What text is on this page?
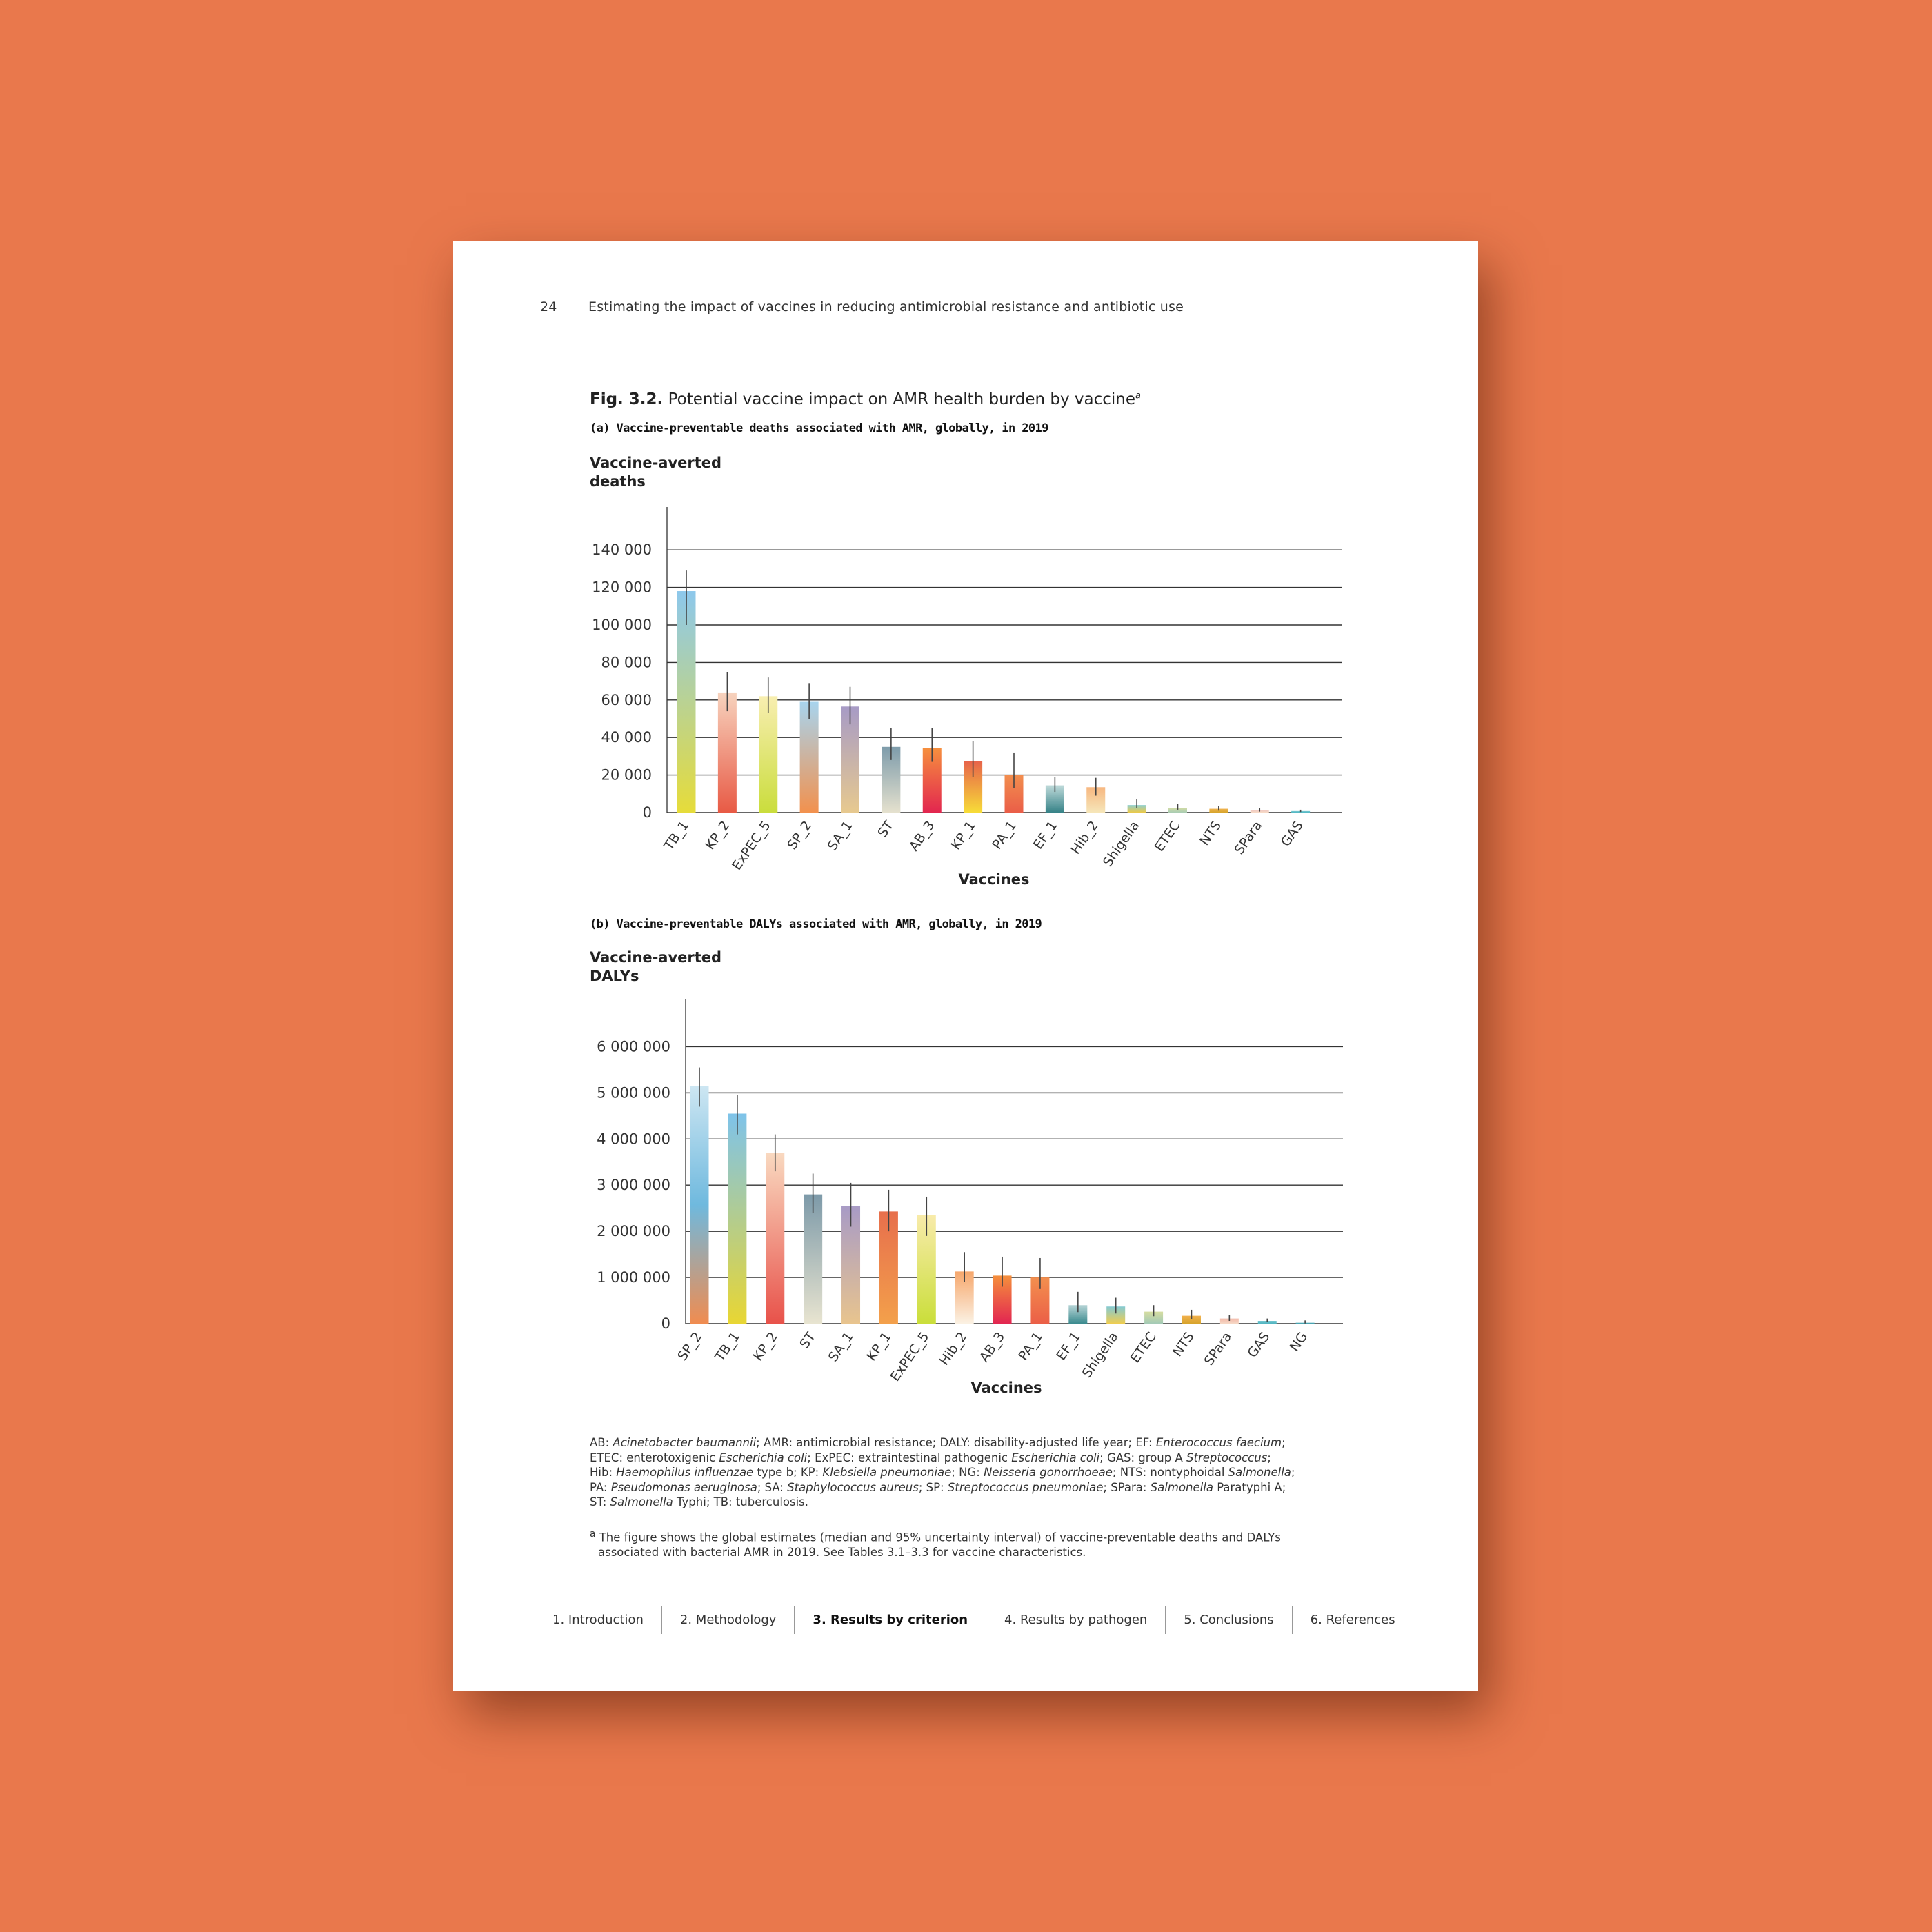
24 Estimating the impact of vaccines in reducing antimicrobial resistance and antibiotic use
Fig. 3.2. Potential vaccine impact on AMR health burden by vaccine$^a$
(a) Vaccine-preventable deaths associated with AMR, globally, in 2019
Vaccine-averted deaths
0
20 000
40 000
60 000
80 000
100 000
120 000
140 000
TB_1 KP_2
ExPEC_5 SP_2 SA_1 ST AB_3 KP_1 PA_1 EF_1 Hib_2
Shigella ETEC NTS SPara GAS
Vaccines
(b) Vaccine-preventable DALYs associated with AMR, globally, in 2019
Vaccine-averted DALYs
0
1 000 000
2 000 000
3 000 000
4 000 000
5 000 000
6 000 000
SP_2 TB_1 KP_2 ST SA_1 KP_1
ExPEC_5 Hib_2 AB_3 PA_1 EF_1
Shigella ETEC NTS SPara GAS NG
Vaccines
AB: Acinetobacter baumannii; AMR: antimicrobial resistance; DALY: disability-adjusted life year; EF: Enterococcus faecium;
ETEC: enterotoxigenic Escherichia coli; ExPEC: extraintestinal pathogenic Escherichia coli; GAS: group A Streptococcus;
Hib: Haemophilus influenzae type b; KP: Klebsiella pneumoniae; NG: Neisseria gonorrhoeae; NTS: nontyphoidal Salmonella;
PA: Pseudomonas aeruginosa; SA: Staphylococcus aureus; SP: Streptococcus pneumoniae; SPara: Salmonella Paratyphi A;
ST: Salmonella Typhi; TB: tuberculosis.
$^a$ The figure shows the global estimates (median and 95% uncertainty interval) of vaccine-preventable deaths and DALYs
associated with bacterial AMR in 2019. See Tables 3.1–3.3 for vaccine characteristics.
1. Introduction	2. Methodology	3. Results by criterion	4. Results by pathogen	5. Conclusions	6. References
